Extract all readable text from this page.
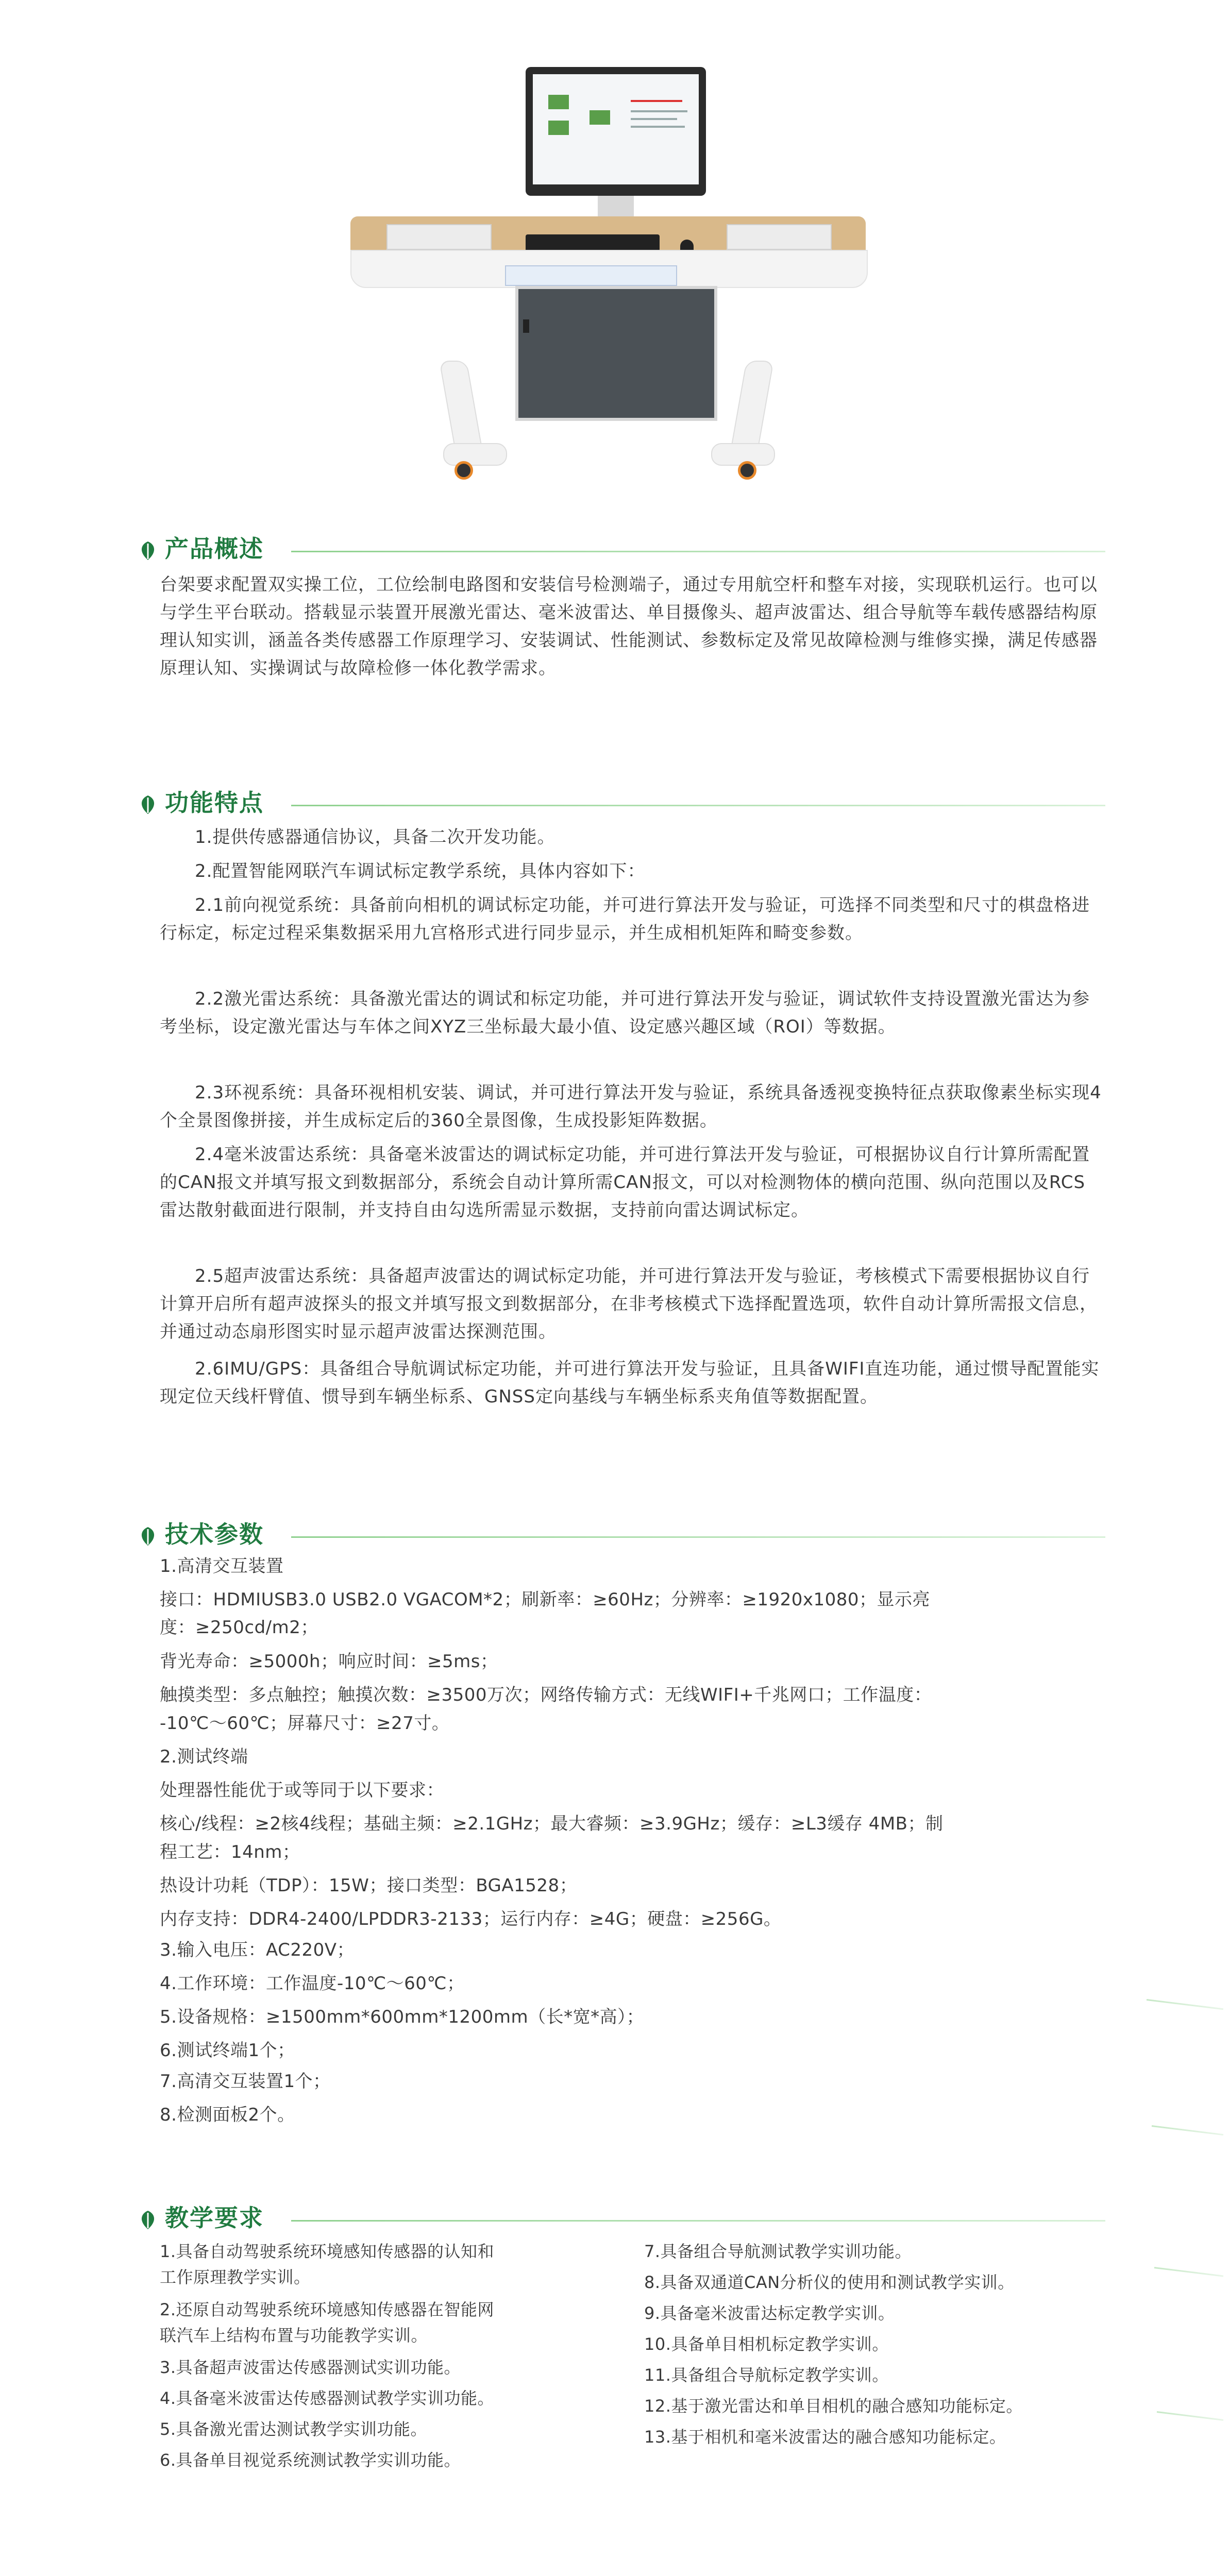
产品概述
台架要求配置双实操工位，工位绘制电路图和安装信号检测端子，通过专用航空杆和整车对接，实现联机运行。也可以与学生平台联动。搭载显示装置开展激光雷达、毫米波雷达、单目摄像头、超声波雷达、组合导航等车载传感器结构原理认知实训，涵盖各类传感器工作原理学习、安装调试、性能测试、参数标定及常见故障检测与维修实操，满足传感器原理认知、实操调试与故障检修一体化教学需求。
功能特点
1.提供传感器通信协议，具备二次开发功能。
2.配置智能网联汽车调试标定教学系统，具体内容如下：
2.1前向视觉系统：具备前向相机的调试标定功能，并可进行算法开发与验证，可选择不同类型和尺寸的棋盘格进行标定，标定过程采集数据采用九宫格形式进行同步显示，并生成相机矩阵和畸变参数。
2.2激光雷达系统：具备激光雷达的调试和标定功能，并可进行算法开发与验证，调试软件支持设置激光雷达为参考坐标，设定激光雷达与车体之间XYZ三坐标最大最小值、设定感兴趣区域（ROI）等数据。
2.3环视系统：具备环视相机安装、调试，并可进行算法开发与验证，系统具备透视变换特征点获取像素坐标实现4个全景图像拼接，并生成标定后的360全景图像，生成投影矩阵数据。
2.4毫米波雷达系统：具备毫米波雷达的调试标定功能，并可进行算法开发与验证，可根据协议自行计算所需配置的CAN报文并填写报文到数据部分，系统会自动计算所需CAN报文，可以对检测物体的横向范围、纵向范围以及RCS雷达散射截面进行限制，并支持自由勾选所需显示数据，支持前向雷达调试标定。
2.5超声波雷达系统：具备超声波雷达的调试标定功能，并可进行算法开发与验证，考核模式下需要根据协议自行计算开启所有超声波探头的报文并填写报文到数据部分，在非考核模式下选择配置选项，软件自动计算所需报文信息，并通过动态扇形图实时显示超声波雷达探测范围。
2.6IMU/GPS：具备组合导航调试标定功能，并可进行算法开发与验证，且具备WIFI直连功能，通过惯导配置能实现定位天线杆臂值、惯导到车辆坐标系、GNSS定向基线与车辆坐标系夹角值等数据配置。
技术参数
1.高清交互装置
接口：HDMIUSB3.0 USB2.0 VGACOM*2；刷新率：≥60Hz；分辨率：≥1920x1080；显示亮
度：≥250cd/m2；
背光寿命：≥5000h；响应时间：≥5ms；
触摸类型：多点触控；触摸次数：≥3500万次；网络传输方式：无线WIFI+千兆网口；工作温度：
-10℃～60℃；屏幕尺寸：≥27寸。
2.测试终端
处理器性能优于或等同于以下要求：
核心/线程：≥2核4线程；基础主频：≥2.1GHz；最大睿频：≥3.9GHz；缓存：≥L3缓存 4MB；制
程工艺：14nm；
热设计功耗（TDP）：15W；接口类型：BGA1528；
内存支持：DDR4-2400/LPDDR3-2133；运行内存：≥4G；硬盘：≥256G。
3.输入电压：AC220V；
4.工作环境：工作温度-10℃～60℃；
5.设备规格：≥1500mm*600mm*1200mm（长*宽*高）；
6.测试终端1个；
7.高清交互装置1个；
8.检测面板2个。
教学要求
1.具备自动驾驶系统环境感知传感器的认知和
工作原理教学实训。
2.还原自动驾驶系统环境感知传感器在智能网
联汽车上结构布置与功能教学实训。
3.具备超声波雷达传感器测试实训功能。
4.具备毫米波雷达传感器测试教学实训功能。
5.具备激光雷达测试教学实训功能。
6.具备单目视觉系统测试教学实训功能。
7.具备组合导航测试教学实训功能。
8.具备双通道CAN分析仪的使用和测试教学实训。
9.具备毫米波雷达标定教学实训。
10.具备单目相机标定教学实训。
11.具备组合导航标定教学实训。
12.基于激光雷达和单目相机的融合感知功能标定。
13.基于相机和毫米波雷达的融合感知功能标定。
